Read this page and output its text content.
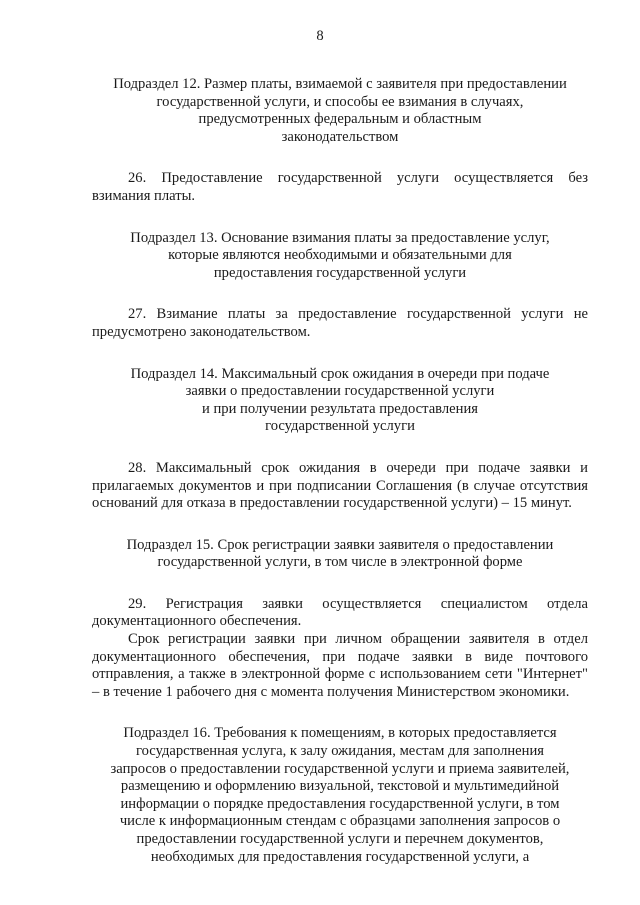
8
Подраздел 12. Размер платы, взимаемой с заявителя при предоставлении
государственной услуги, и способы ее взимания в случаях,
предусмотренных федеральным и областным
законодательством

26. Предоставление государственной услуги осуществляется без взимания платы.

Подраздел 13. Основание взимания платы за предоставление услуг,
которые являются необходимыми и обязательными для
предоставления государственной услуги

27. Взимание платы за предоставление государственной услуги не предусмотрено законодательством.

Подраздел 14. Максимальный срок ожидания в очереди при подаче
заявки о предоставлении государственной услуги
и при получении результата предоставления
государственной услуги

28. Максимальный срок ожидания в очереди при подаче заявки и прилагаемых документов и при подписании Соглашения (в случае отсутствия оснований для отказа в предоставлении государственной услуги) – 15 минут.

Подраздел 15. Срок регистрации заявки заявителя о предоставлении
государственной услуги, в том числе в электронной форме

29. Регистрация заявки осуществляется специалистом отдела документационного обеспечения.

Срок регистрации заявки при личном обращении заявителя в отдел документационного обеспечения, при подаче заявки в виде почтового отправления, а также в электронной форме с использованием сети "Интернет" – в течение 1 рабочего дня с момента получения Министерством экономики.

Подраздел 16. Требования к помещениям, в которых предоставляется
государственная услуга, к залу ожидания, местам для заполнения
запросов о предоставлении государственной услуги и приема заявителей,
размещению и оформлению визуальной, текстовой и мультимедийной
информации о порядке предоставления государственной услуги, в том
числе к информационным стендам с образцами заполнения запросов о
предоставлении государственной услуги и перечнем документов,
необходимых для предоставления государственной услуги, а
